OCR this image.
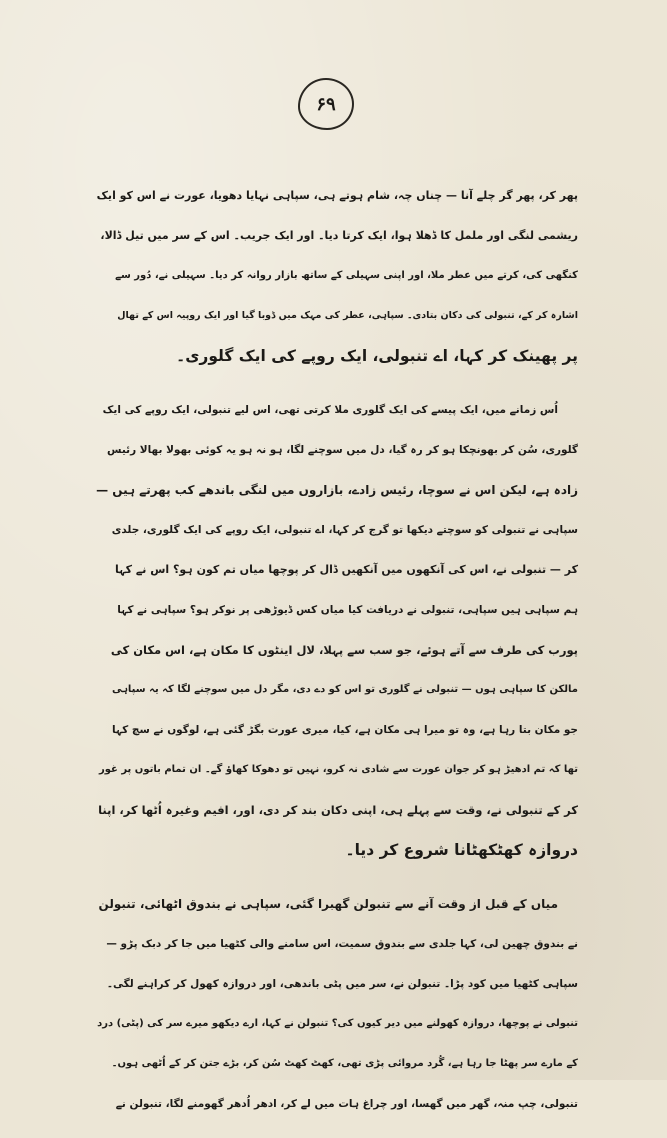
۶۹

پھر کر، پھر گر چلے آنا — چناں چہ، شام ہوتے ہی، سپاہی نہایا دھویا، عورت نے اس کو ایک

ریشمی لنگی اور ململ کا ڈھلا ہوا، ایک کرتا دیا۔ اور ایک جریب۔ اس کے سر میں تیل ڈالا،

کنگھی کی، کرتے میں عطر ملا، اور اپنی سہیلی کے ساتھ بازار روانہ کر دیا۔ سہیلی نے، دُور سے

اشارہ کر کے، تنبولی کی دکان بتادی۔ سپاہی، عطر کی مہک میں ڈوبا گیا اور ایک روپیہ اس کے تھال

پر پھینک کر کہا، اے تنبولی، ایک روپے کی ایک گلوری۔

اُس زمانے میں، ایک پیسے کی ایک گلوری ملا کرتی تھی، اس لیے تنبولی، ایک روپے کی ایک

گلوری، سُن کر بھونچکا ہو کر رہ گیا، دل میں سوچنے لگا، ہو نہ ہو یہ کوئی بھولا بھالا رئیس

زادہ ہے، لیکن اس نے سوچا، رئیس زادے، بازاروں میں لنگی باندھے کب پھرتے ہیں —

سپاہی نے تنبولی کو سوچتے دیکھا تو گرج کر کہا، اے تنبولی، ایک روپے کی ایک گلوری، جلدی

کر — تنبولی نے، اس کی آنکھوں میں آنکھیں ڈال کر پوچھا میاں تم کون ہو؟ اس نے کہا

ہم سپاہی ہیں سپاہی، تنبولی نے دریافت کیا میاں کس ڈیوڑھی پر نوکر ہو؟ سپاہی نے کہا

پورب کی طرف سے آتے ہوئے، جو سب سے پہلا، لال اینٹوں کا مکان ہے، اس مکان کی

مالکن کا سپاہی ہوں — تنبولی نے گلوری تو اس کو دے دی، مگر دل میں سوچنے لگا کہ یہ سپاہی

جو مکان بتا رہا ہے، وہ تو میرا ہی مکان ہے، کیا، میری عورت بگڑ گئی ہے، لوگوں نے سچ کہا

تھا کہ تم ادھیڑ ہو کر جوان عورت سے شادی نہ کرو، نہیں تو دھوکا کھاؤ گے۔ ان تمام باتوں پر غور

کر کے تنبولی نے، وقت سے پہلے ہی، اپنی دکان بند کر دی، اور، افیم وغیرہ اُٹھا کر، اپنا

دروازہ کھٹکھٹانا شروع کر دیا۔

میاں کے قبل از وقت آنے سے تنبولن گھبرا گئی، سپاہی نے بندوق اٹھائی، تنبولن

نے بندوق چھین لی، کہا جلدی سے بندوق سمیت، اس سامنے والی کٹھیا میں جا کر دبک پڑو —

سپاہی کٹھیا میں کود پڑا۔ تنبولن نے، سر میں پٹی باندھی، اور دروازہ کھول کر کراہنے لگی۔

تنبولی نے پوچھا، دروازہ کھولنے میں دیر کیوں کی؟ تنبولن نے کہا، ارے دیکھو میرے سر کی (پٹی) درد

کے مارے سر پھٹا جا رہا ہے، گُرد مروائی پڑی تھی، کھٹ کھٹ سُن کر، بڑے جتن کر کے اُٹھی ہوں۔

تنبولی، چپ منہ، گھر میں گھسا، اور چراغ ہات میں لے کر، ادھر اُدھر گھومنے لگا، تنبولن نے
